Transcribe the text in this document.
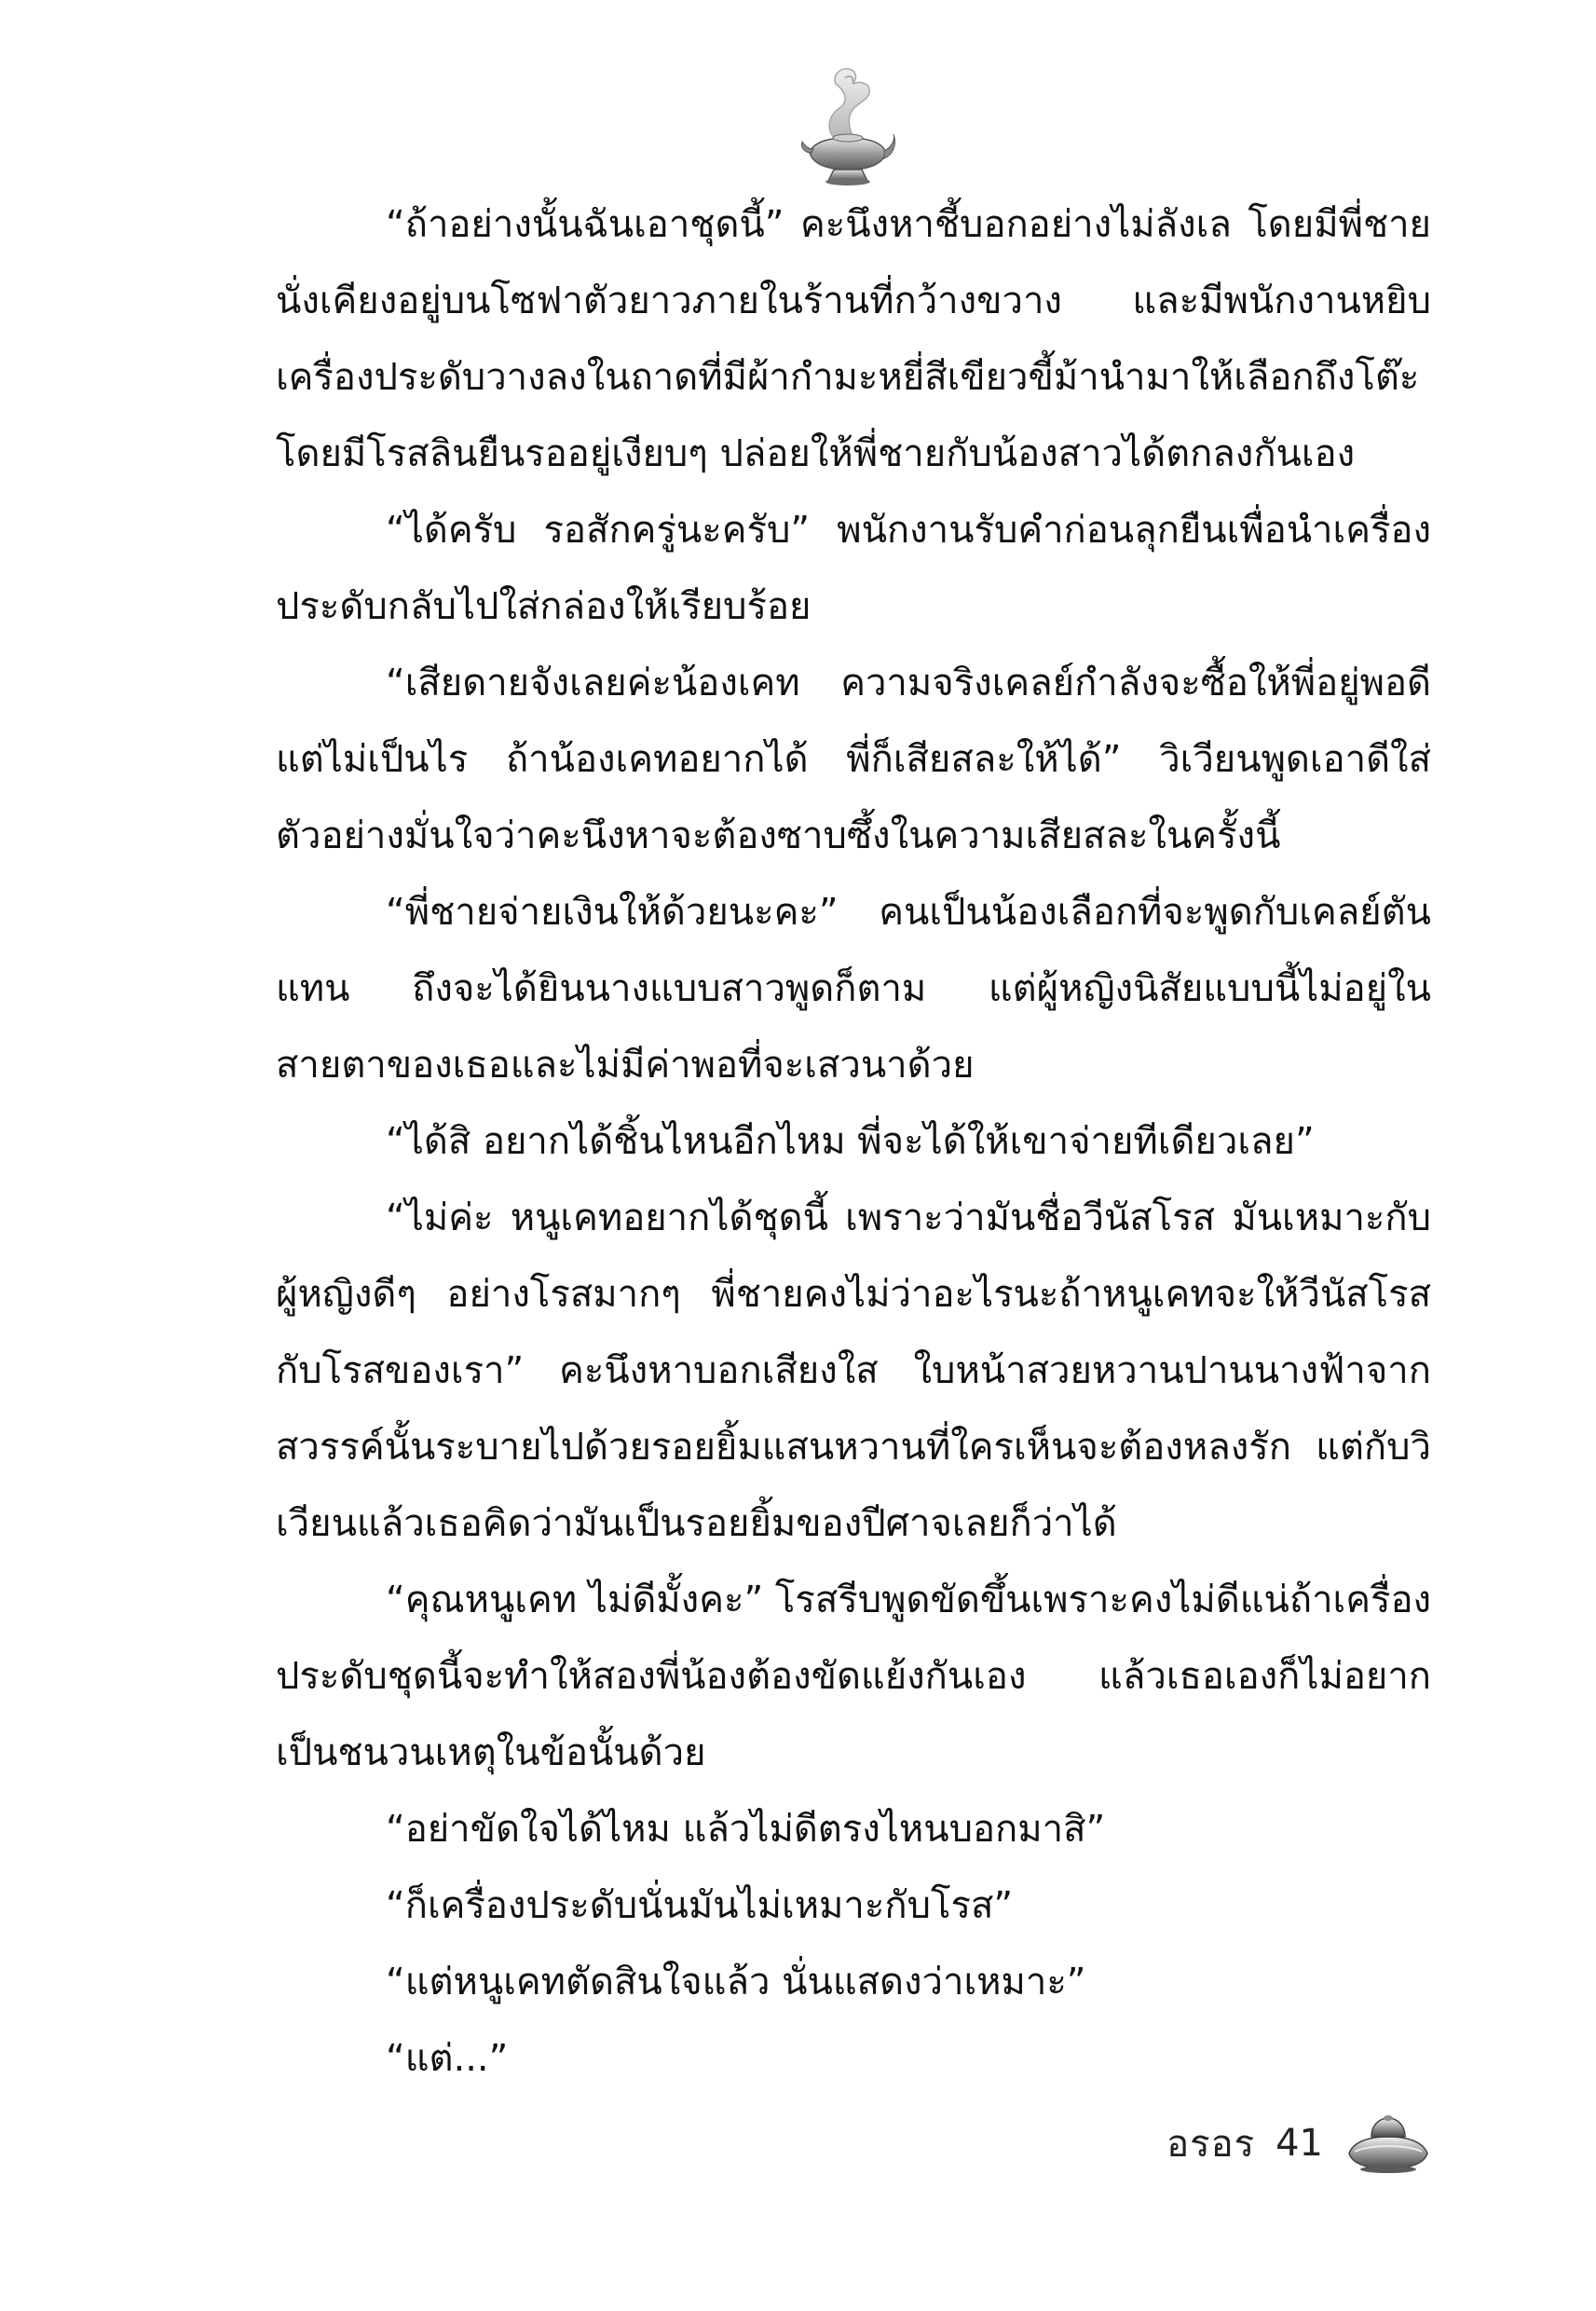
“ถ้าอย่างนั้นฉันเอาชุดนี้” คะนึงหาชี้บอกอย่างไม่ลังเล โดยมีพี่ชายนั่งเคียงอยู่บนโซฟาตัวยาวภายในร้านที่กว้างขวาง และมีพนักงานหยิบเครื่องประดับวางลงในถาดที่มีผ้ากำมะหยี่สีเขียวขี้ม้านำมาให้เลือกถึงโต๊ะ โดยมีโรสลินยืนรออยู่เงียบๆ ปล่อยให้พี่ชายกับน้องสาวได้ตกลงกันเอง

“ได้ครับ รอสักครู่นะครับ” พนักงานรับคำก่อนลุกยืนเพื่อนำเครื่องประดับกลับไปใส่กล่องให้เรียบร้อย

“เสียดายจังเลยค่ะน้องเคท ความจริงเคลย์กำลังจะซื้อให้พี่อยู่พอดี แต่ไม่เป็นไร ถ้าน้องเคทอยากได้ พี่ก็เสียสละให้ได้” วิเวียนพูดเอาดีใส่ตัวอย่างมั่นใจว่าคะนึงหาจะต้องซาบซึ้งในความเสียสละในครั้งนี้

“พี่ชายจ่ายเงินให้ด้วยนะคะ” คนเป็นน้องเลือกที่จะพูดกับเคลย์ตันแทน ถึงจะได้ยินนางแบบสาวพูดก็ตาม แต่ผู้หญิงนิสัยแบบนี้ไม่อยู่ในสายตาของเธอและไม่มีค่าพอที่จะเสวนาด้วย

“ได้สิ อยากได้ชิ้นไหนอีกไหม พี่จะได้ให้เขาจ่ายทีเดียวเลย”

“ไม่ค่ะ หนูเคทอยากได้ชุดนี้ เพราะว่ามันชื่อวีนัสโรส มันเหมาะกับผู้หญิงดีๆ อย่างโรสมากๆ พี่ชายคงไม่ว่าอะไรนะถ้าหนูเคทจะให้วีนัสโรสกับโรสของเรา” คะนึงหาบอกเสียงใส ใบหน้าสวยหวานปานนางฟ้าจากสวรรค์นั้นระบายไปด้วยรอยยิ้มแสนหวานที่ใครเห็นจะต้องหลงรัก แต่กับวิเวียนแล้วเธอคิดว่ามันเป็นรอยยิ้มของปีศาจเลยก็ว่าได้

“คุณหนูเคท ไม่ดีมั้งคะ” โรสรีบพูดขัดขึ้นเพราะคงไม่ดีแน่ถ้าเครื่องประดับชุดนี้จะทำให้สองพี่น้องต้องขัดแย้งกันเอง แล้วเธอเองก็ไม่อยากเป็นชนวนเหตุในข้อนั้นด้วย

“อย่าขัดใจได้ไหม แล้วไม่ดีตรงไหนบอกมาสิ”

“ก็เครื่องประดับนั่นมันไม่เหมาะกับโรส”

“แต่หนูเคทตัดสินใจแล้ว นั่นแสดงว่าเหมาะ”

“แต่...”

อรอร 41
